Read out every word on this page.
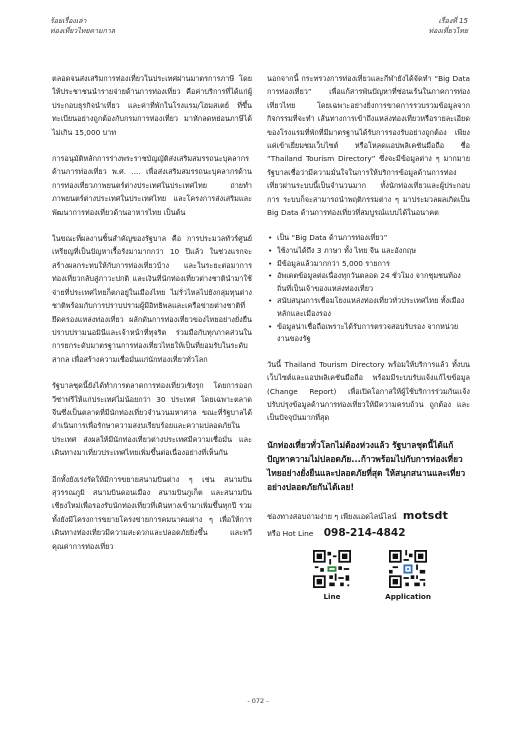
ร้อยเรื่องเล่า
ท่องเที่ยวไทยตามกาล
เรื่องที่ 15
ท่องเที่ยวไทย

ตลอดจนส่งเสริมการท่องเที่ยวในประเทศผ่านมาตรการภาษี โดยให้ประชาชนนำรายจ่ายด้านการท่องเที่ยว คือค่าบริการที่ได้แก่ผู้ประกอบธุรกิจนำเที่ยว และค่าที่พักในโรงแรม/โฮมสเตย์ ที่ขึ้นทะเบียนอย่างถูกต้องกับกรมการท่องเที่ยว มาหักลดหย่อนภาษีได้ไม่เกิน 15,000 บาท

การอนุมัติหลักการร่างพระราชบัญญัติส่งเสริมสมรรถนะบุคลากรด้านการท่องเที่ยว พ.ศ. .... เพื่อส่งเสริมสมรรถนะบุคลากรด้านการท่องเที่ยวภาพยนตร์ต่างประเทศในประเทศไทย ถ่ายทำภาพยนตร์ต่างประเทศในประเทศไทย และโครงการส่งเสริมและพัฒนาการท่องเที่ยวด้านอาหารไทย เป็นต้น

ในขณะที่ผลงานชิ้นสำคัญของรัฐบาล คือ การประมวลทัวร์ศูนย์เหรียญที่เป็นปัญหาเรื้อรังมามากกว่า 10 ปีแล้ว ในช่วงแรกจะสร้างผลกระทบให้กับการท่องเที่ยวบ้าง และในระยะต่อมาการท่องเที่ยวกลับสู่ภาวะปกติ และเงินที่นักท่องเที่ยวต่างชาตินำมาใช้จ่ายที่ประเทศไทยก็ตกอยู่ในเมืองไทย ไม่รั่วไหลไปยังกลุ่มทุนต่างชาติพร้อมกับการปราบปรามผู้มีอิทธิพลและเครือข่ายต่างชาติที่ยึดครองแหล่งท่องเที่ยว ผลักดันการท่องเที่ยวของไทยอย่างยั่งยืน ปราบปรามนอมินีและเจ้าหน้าที่ทุจริต ร่วมมือกับทุกภาคส่วนในการยกระดับมาตรฐานการท่องเที่ยวไทยให้เป็นที่ยอมรับในระดับสากล เพื่อสร้างความเชื่อมั่นแก่นักท่องเที่ยวทั่วโลก

รัฐบาลชุดนี้ยังได้ทำการตลาดการท่องเที่ยวเชิงรุก โดยการออกวีซ่าฟรีให้แก่ประเทศไม่น้อยกว่า 30 ประเทศ โดยเฉพาะตลาดจีนซึ่งเป็นตลาดที่มีนักท่องเที่ยวจำนวนมหาศาล ขณะที่รัฐบาลได้ดำเนินการเพื่อรักษาความสงบเรียบร้อยและความปลอดภัยในประเทศ ส่งผลให้มีนักท่องเที่ยวต่างประเทศมีความเชื่อมั่น และเดินทางมาเที่ยวประเทศไทยเพิ่มขึ้นต่อเนื่องอย่างที่เห็นกัน

อีกทั้งยังเร่งรัดให้มีการขยายสนามบินต่าง ๆ เช่น สนามบินสุวรรณภูมิ สนามบินดอนเมือง สนามบินภูเก็ต และสนามบินเชียงใหม่เพื่อรองรับนักท่องเที่ยวที่เดินทางเข้ามาเพิ่มขึ้นทุกปี รวมทั้งยังมีโครงการขยายโครงข่ายการคมนาคมต่าง ๆ เพื่อให้การเดินทางท่องเที่ยวมีความสะดวกและปลอดภัยยิ่งขึ้น และทวีคุณค่าการท่องเที่ยว

นอกจากนี้ กระทรวงการท่องเที่ยวและกีฬายังได้จัดทำ “Big Data การท่องเที่ยว” เพื่อแก้สารพันปัญหาที่ซ่อนเร้นในภาคการท่องเที่ยวไทย โดยเฉพาะอย่างยิ่งการขาดการรวบรวมข้อมูลจากกิจกรรมที่จะทำ เส้นทางการเข้าถึงแหล่งท่องเที่ยวหรือรายละเอียดของโรงแรมที่พักที่มีมาตรฐานได้รับการรองรับอย่างถูกต้อง เพียงแค่เข้าเยี่ยมชมเว็บไซต์ หรือโหลดแอปพลิเคชันมือถือ ชื่อ “Thailand Tourism Directory” ซึ่งจะมีข้อมูลต่าง ๆ มากมาย รัฐบาลเชื่อว่ามีความมั่นใจในการให้บริการข้อมูลด้านการท่องเที่ยวผ่านระบบนี้เป็นจำนวนมาก ทั้งนักท่องเที่ยวและผู้ประกอบการ ระบบก็จะสามารถนำพฤติกรรมต่าง ๆ มาประมวลผลเกิดเป็น Big Data ด้านการท่องเที่ยวที่สมบูรณ์แบบได้ในอนาคต

• เป็น “Big Data ด้านการท่องเที่ยว”
• ใช้งานได้ถึง 3 ภาษา ทั้ง ไทย จีน และอังกฤษ
• มีข้อมูลแล้วมากกว่า 5,000 รายการ
• อัพเดตข้อมูลต่อเนื่องทุกวันตลอด 24 ชั่วโมง จากชุมชนท้องถิ่นที่เป็นเจ้าของแหล่งท่องเที่ยว
• สนับสนุนการเชื่อมโยงแหล่งท่องเที่ยวทั่วประเทศไทย ทั้งเมืองหลักและเมืองรอง
• ข้อมูลน่าเชื่อถือเพราะได้รับการตรวจสอบรับรอง จากหน่วยงานของรัฐ

วันนี้ Thailand Tourism Directory พร้อมให้บริการแล้ว ทั้งบนเว็บไซต์และแอปพลิเคชันมือถือ พร้อมมีระบบรับแจ้งแก้ไขข้อมูล (Change Report) เพื่อเปิดโอกาสให้ผู้ใช้บริการร่วมกันเเจ้งปรับปรุงข้อมูลด้านการท่องเที่ยวให้มีความครบถ้วน ถูกต้อง และเป็นปัจจุบันมากที่สุด

นักท่องเที่ยวทั่วโลกไม่ต้องห่วงแล้ว รัฐบาลชุดนี้ได้แก้ปัญหาความไม่ปลอดภัย...ก้าวพร้อมไปกับการท่องเที่ยวไทยอย่างยั่งยืนและปลอดภัยที่สุด ให้สนุกสนานและเที่ยวอย่างปลอดภัยกันได้เลย!

ช่องทางสอบถามง่าย ๆ เพียงแอดไลน์ไลน์ motsdt

หรือ Hot Line 098-214-4842

Line	Application
- 072 -
